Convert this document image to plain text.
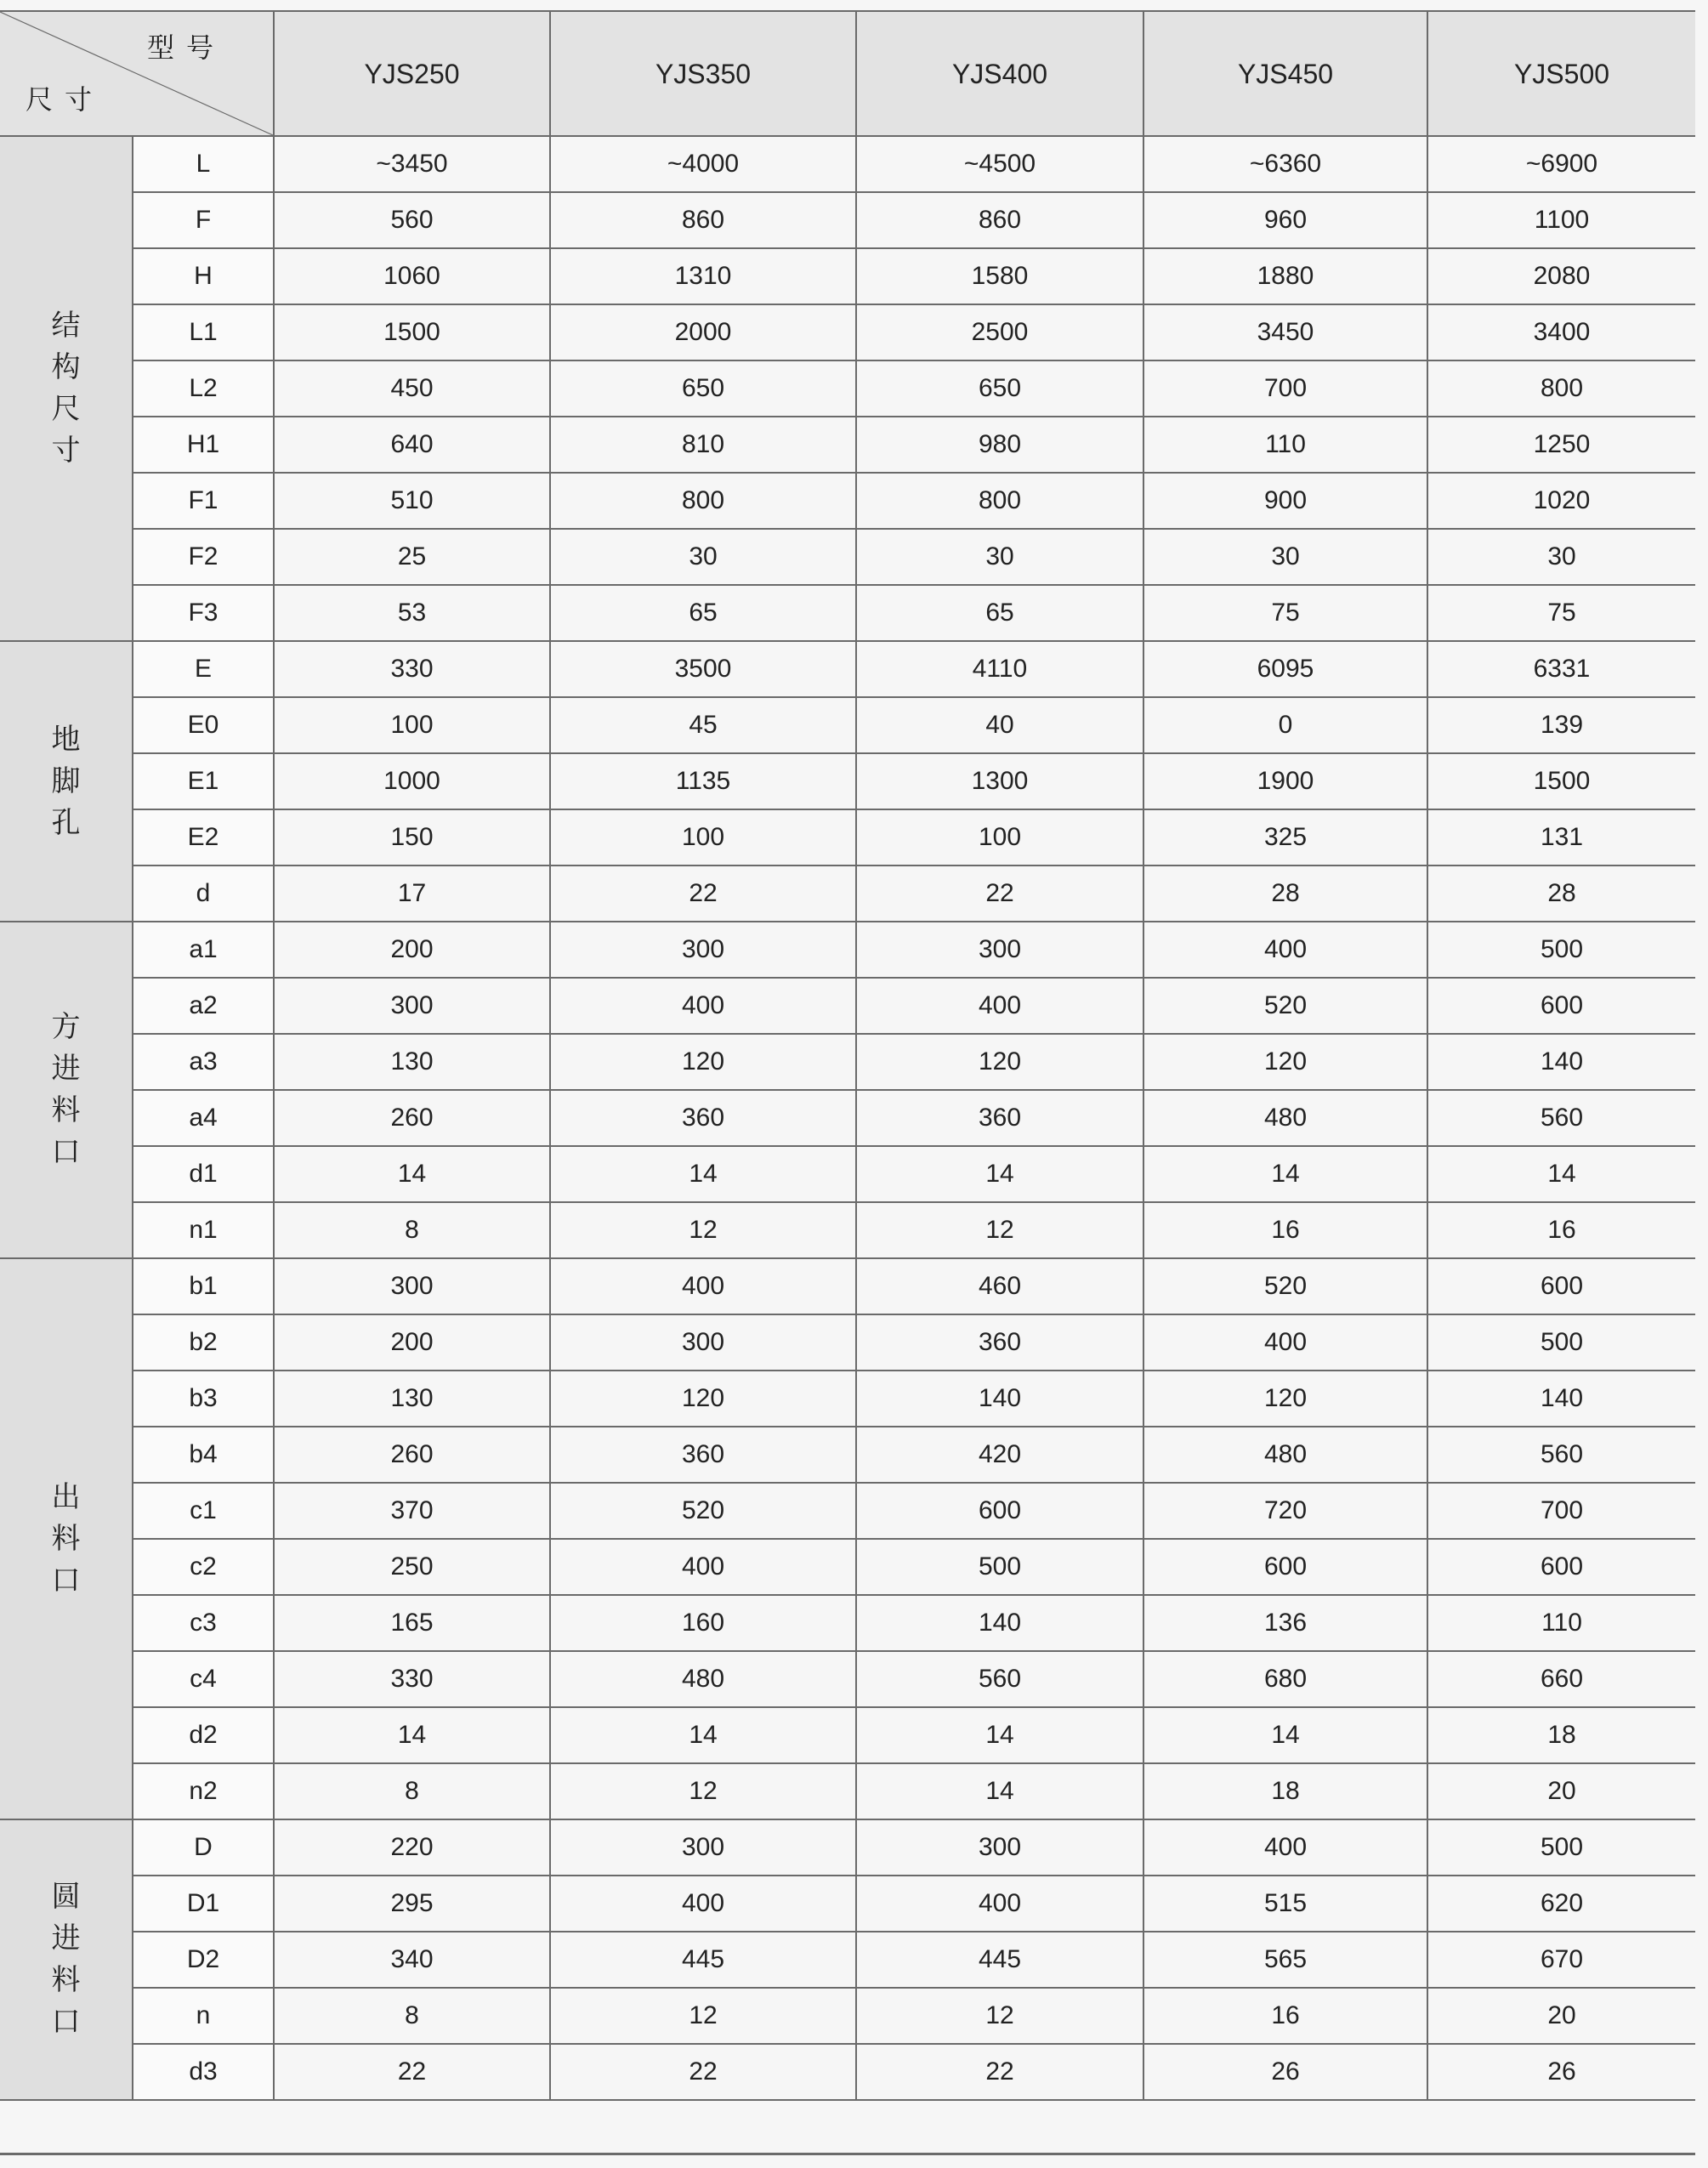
型号
尺寸		YJS250	YJS350	YJS400	YJS450	YJS500
结构尺寸	L	~3450	~4000	~4500	~6360	~6900
	F	560	860	860	960	1100
	H	1060	1310	1580	1880	2080
	L1	1500	2000	2500	3450	3400
	L2	450	650	650	700	800
	H1	640	810	980	110	1250
	F1	510	800	800	900	1020
	F2	25	30	30	30	30
	F3	53	65	65	75	75
地脚孔	E	330	3500	4110	6095	6331
	E0	100	45	40	0	139
	E1	1000	1135	1300	1900	1500
	E2	150	100	100	325	131
	d	17	22	22	28	28
方进料口	a1	200	300	300	400	500
	a2	300	400	400	520	600
	a3	130	120	120	120	140
	a4	260	360	360	480	560
	d1	14	14	14	14	14
	n1	8	12	12	16	16
出料口	b1	300	400	460	520	600
	b2	200	300	360	400	500
	b3	130	120	140	120	140
	b4	260	360	420	480	560
	c1	370	520	600	720	700
	c2	250	400	500	600	600
	c3	165	160	140	136	110
	c4	330	480	560	680	660
	d2	14	14	14	14	18
	n2	8	12	14	18	20
圆进料口	D	220	300	300	400	500
	D1	295	400	400	515	620
	D2	340	445	445	565	670
	n	8	12	12	16	20
	d3	22	22	22	26	26
